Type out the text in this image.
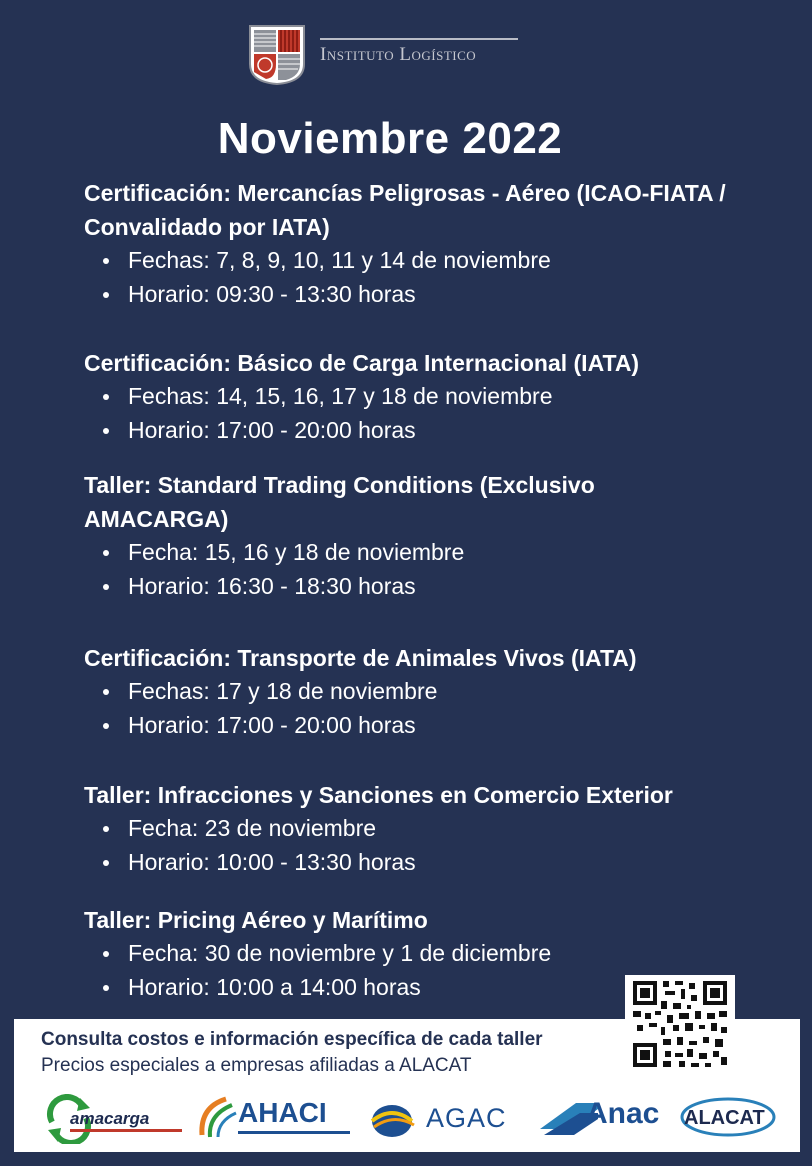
Instituto Logístico
Noviembre 2022
Certificación: Mercancías Peligrosas - Aéreo (ICAO-FIATA / Convalidado por IATA)
Fechas: 7, 8, 9, 10, 11 y 14 de noviembre
Horario: 09:30 - 13:30 horas
Certificación: Básico de Carga Internacional (IATA)
Fechas: 14, 15, 16, 17 y 18 de noviembre
Horario: 17:00 - 20:00 horas
Taller: Standard Trading Conditions (Exclusivo AMACARGA)
Fecha: 15, 16 y 18 de noviembre
Horario: 16:30 - 18:30 horas
Certificación: Transporte de Animales Vivos (IATA)
Fechas: 17 y 18 de noviembre
Horario: 17:00 - 20:00 horas
Taller: Infracciones y Sanciones en Comercio Exterior
Fecha: 23 de noviembre
Horario: 10:00 - 13:30 horas
Taller: Pricing Aéreo y Marítimo
Fecha: 30 de noviembre y 1 de diciembre
Horario: 10:00 a 14:00 horas
Consulta costos e información específica de cada taller
Precios especiales a empresas afiliadas a ALACAT
amacarga	AHACI	AGAC	Anac ALACAT
